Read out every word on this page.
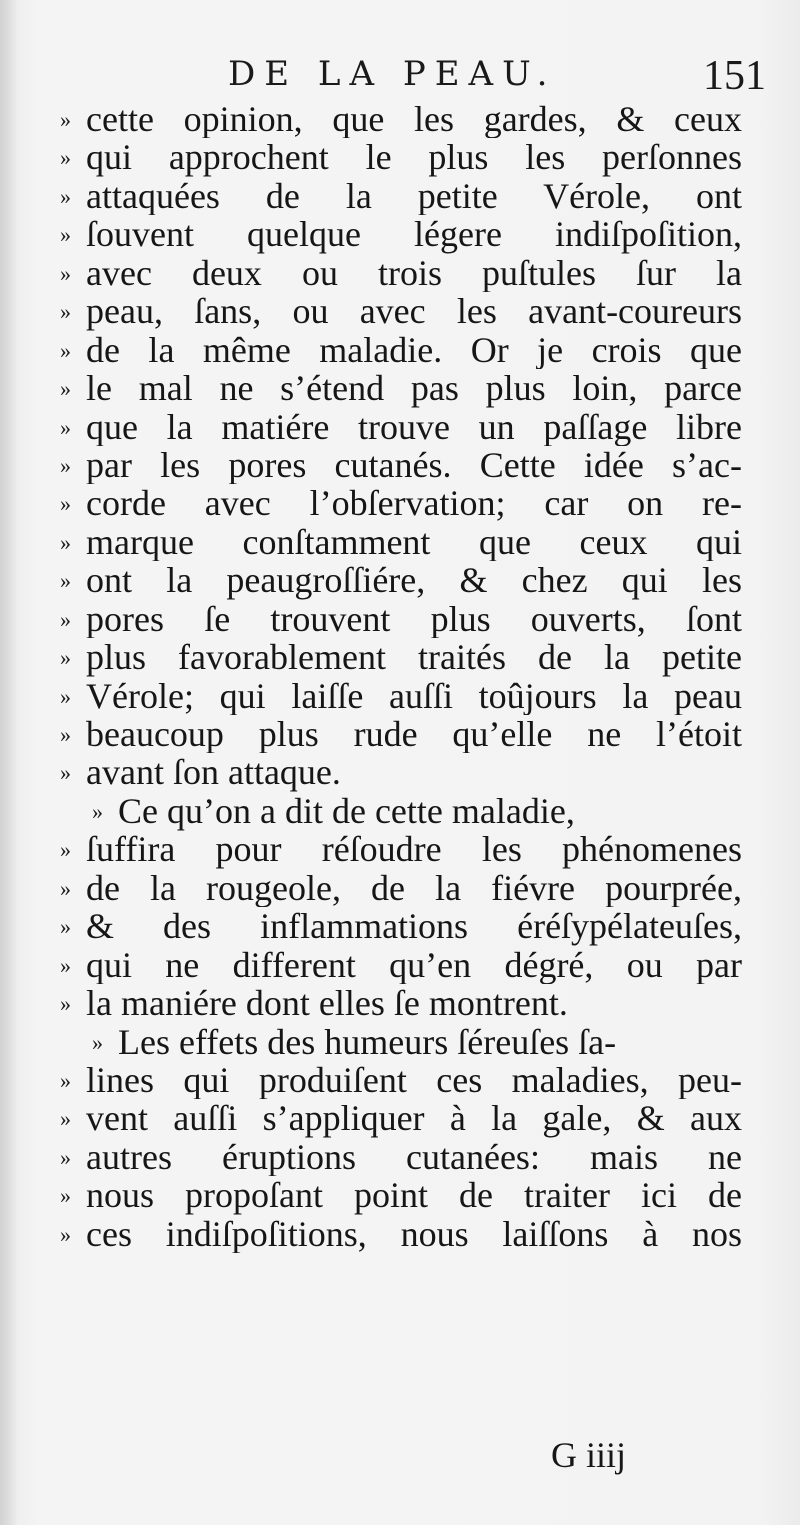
DE LA PEAU.	151
» cette opinion, que les gardes, & ceux
» qui approchent le plus les perſonnes
» attaquées de la petite Vérole, ont
» ſouvent quelque légere indiſpoſition,
» avec deux ou trois puſtules ſur la
» peau, ſans, ou avec les avant-coureurs
» de la même maladie. Or je crois que
» le mal ne s’étend pas plus loin, parce
» que la matiére trouve un paſſage libre
» par les pores cutanés. Cette idée s’ac-
» corde avec l’obſervation; car on re-
» marque conſtamment que ceux qui
» ont la peaugroſſiére, & chez qui les
» pores ſe trouvent plus ouverts, ſont
» plus favorablement traités de la petite
» Vérole; qui laiſſe auſſi toûjours la peau
» beaucoup plus rude qu’elle ne l’étoit
» avant ſon attaque.
» Ce qu’on a dit de cette maladie,
» ſuffira pour réſoudre les phénomenes
» de la rougeole, de la fiévre pourprée,
» & des inflammations éréſypélateuſes,
» qui ne different qu’en dégré, ou par
» la maniére dont elles ſe montrent.
» Les effets des humeurs ſéreuſes ſa-
» lines qui produiſent ces maladies, peu-
» vent auſſi s’appliquer à la gale, & aux
» autres éruptions cutanées: mais ne
» nous propoſant point de traiter ici de
» ces indiſpoſitions, nous laiſſons à nos
G iiij
